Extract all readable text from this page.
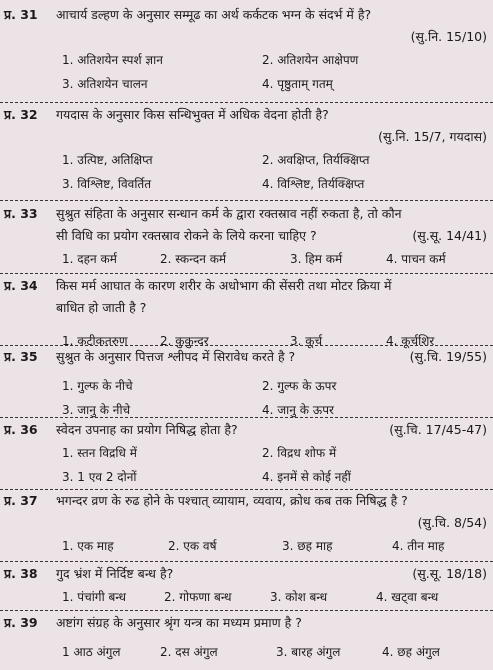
प्र. 31 आचार्य डल्हण के अनुसार सम्मूढ का अर्थ कर्कटक भग्न के संदर्भ में है?
(सु.नि. 15/10)
1. अतिशयेन स्पर्श ज्ञान	2. अतिशयेन आक्षेपण
3. अतिशयेन चालन	4. पृष्ठुताम् गतम्
प्र. 32 गयदास के अनुसार किस सन्धिभुक्त में अधिक वेदना होती है?
(सु.नि. 15/7, गयदास)
1. उत्पिष्ट, अतिक्षिप्त	2. अवक्षिप्त, तिर्यक्क्षिप्त
3. विश्लिष्ट, विवर्तित	4. विश्लिष्ट, तिर्यक्क्षिप्त
प्र. 33 सुश्रुत संहिता के अनुसार सन्धान कर्म के द्वारा रक्तस्राव नहीं रुकता है, तो कौन
सी विधि का प्रयोग रक्तस्राव रोकने के लिये करना चाहिए ?	(सु.सू. 14/41)
1. दहन कर्म	2. स्कन्दन कर्म	3. हिम कर्म	4. पाचन कर्म
प्र. 34 किस मर्म आघात के कारण शरीर के अधोभाग की सेंसरी तथा मोटर क्रिया में
बाधित हो जाती है ?
1. कटीकतरुण	2. कुकुन्दर	3. कूर्च	4. कूर्चशिर
प्र. 35 सुश्रुत के अनुसार पित्तज श्लीपद में सिरावेध करते है ?	(सु.चि. 19/55)
1. गुल्फ के नीचे	2. गुल्फ के ऊपर
3. जानु के नीचे	4. जानु के ऊपर
प्र. 36 स्वेदन उपनाह का प्रयोग निषिद्ध होता है?	(सु.चि. 17/45-47)
1. स्तन विद्रधि में	2. विद्रध शोफ में
3. 1 एव 2 दोनों	4. इनमें से कोई नहीं
प्र. 37 भगन्दर व्रण के रुढ होने के पश्चात् व्यायाम, व्यवाय, क्रोध कब तक निषिद्ध है ?
(सु.चि. 8/54)
1. एक माह	2. एक वर्ष	3. छह माह	4. तीन माह
प्र. 38 गुद भ्रंश में निर्दिष्ट बन्ध है?	(सु.सू. 18/18)
1. पंचांगी बन्ध	2. गोफणा बन्ध	3. कोश बन्ध	4. खट्वा बन्ध
प्र. 39 अष्टांग संग्रह के अनुसार श्रृंग यन्त्र का मध्यम प्रमाण है ?
1 आठ अंगुल	2. दस अंगुल	3. बारह अंगुल	4. छह अंगुल
